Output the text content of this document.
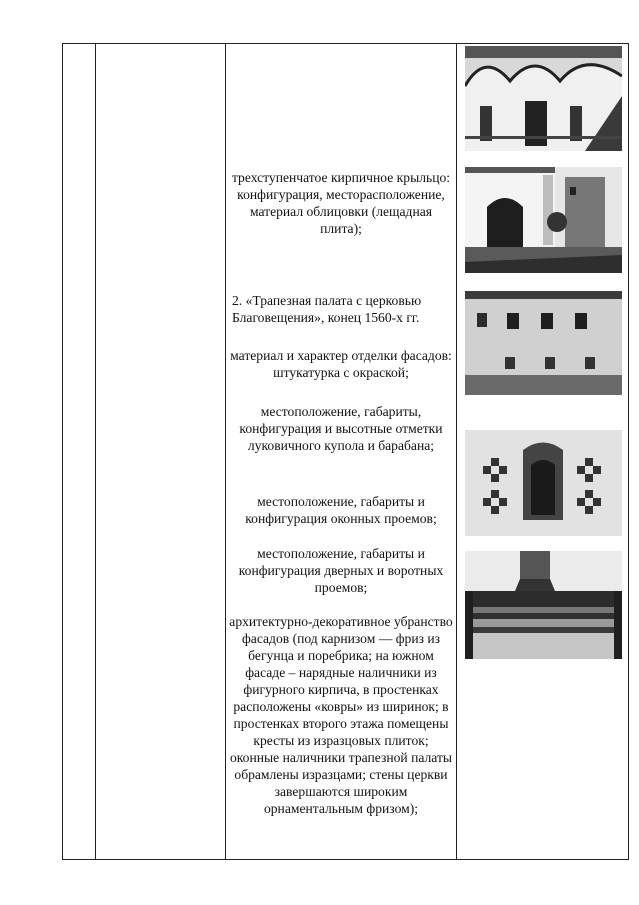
трехступенчатое кирпичное крыльцо: конфигурация, месторасположение, материал облицовки (лещадная плита);
2. «Трапезная палата с церковью Благовещения», конец 1560-х гг.
материал и характер отделки фасадов: штукатурка с окраской;
местоположение, габариты, конфигурация и высотные отметки луковичного купола и барабана;
местоположение, габариты и конфигурация оконных проемов;
местоположение, габариты и конфигурация дверных и воротных проемов;
архитектурно-декоративное убранство фасадов (под карнизом — фриз из бегунца и поребрика; на южном фасаде – нарядные наличники из фигурного кирпича, в простенках расположены «ковры» из ширинок; в простенках второго этажа помещены кресты из изразцовых плиток; оконные наличники трапезной палаты обрамлены изразцами; стены церкви завершаются широким орнаментальным фризом);
